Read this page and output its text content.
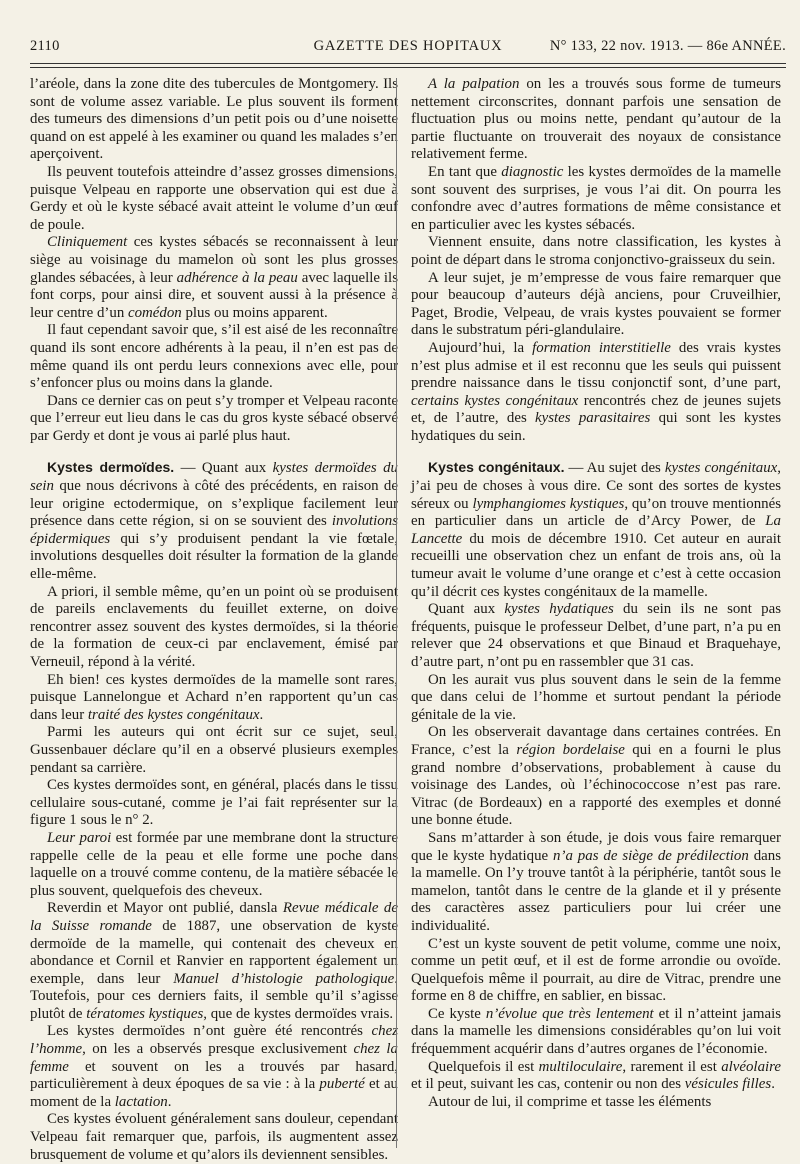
2110	GAZETTE DES HOPITAUX	N° 133, 22 nov. 1913. — 86e ANNÉE.

l’aréole, dans la zone dite des tubercules de Montgomery. Ils sont de volume assez variable. Le plus souvent ils forment des tumeurs des dimensions d’un petit pois ou d’une noisette quand on est appelé à les examiner ou quand les malades s’en aperçoivent.

Ils peuvent toutefois atteindre d’assez grosses dimensions, puisque Velpeau en rapporte une observation qui est due à Gerdy et où le kyste sébacé avait atteint le volume d’un œuf de poule.

Cliniquement ces kystes sébacés se reconnaissent à leur siège au voisinage du mamelon où sont les plus grosses glandes sébacées, à leur adhérence à la peau avec laquelle ils font corps, pour ainsi dire, et souvent aussi à la présence à leur centre d’un comédon plus ou moins apparent.

Il faut cependant savoir que, s’il est aisé de les reconnaître quand ils sont encore adhérents à la peau, il n’en est pas de même quand ils ont perdu leurs connexions avec elle, pour s’enfoncer plus ou moins dans la glande.

Dans ce dernier cas on peut s’y tromper et Velpeau raconte que l’erreur eut lieu dans le cas du gros kyste sébacé observé par Gerdy et dont je vous ai parlé plus haut.

Kystes dermoïdes. — Quant aux kystes dermoïdes du sein que nous décrivons à côté des précédents, en raison de leur origine ectodermique, on s’explique facilement leur présence dans cette région, si on se souvient des involutions épidermiques qui s’y produisent pendant la vie fœtale, involutions desquelles doit résulter la formation de la glande elle-même.

A priori, il semble même, qu’en un point où se produisent de pareils enclavements du feuillet externe, on doive rencontrer assez souvent des kystes dermoïdes, si la théorie de la formation de ceux-ci par enclavement, émisé par Verneuil, répond à la vérité.

Eh bien! ces kystes dermoïdes de la mamelle sont rares, puisque Lannelongue et Achard n’en rapportent qu’un cas dans leur traité des kystes congénitaux.

Parmi les auteurs qui ont écrit sur ce sujet, seul, Gussenbauer déclare qu’il en a observé plusieurs exemples pendant sa carrière.

Ces kystes dermoïdes sont, en général, placés dans le tissu cellulaire sous-cutané, comme je l’ai fait représenter sur la figure 1 sous le n° 2.

Leur paroi est formée par une membrane dont la structure rappelle celle de la peau et elle forme une poche dans laquelle on a trouvé comme contenu, de la matière sébacée le plus souvent, quelquefois des cheveux.

Reverdin et Mayor ont publié, dansla Revue médicale de la Suisse romande de 1887, une observation de kyste dermoïde de la mamelle, qui contenait des cheveux en abondance et Cornil et Ranvier en rapportent également un exemple, dans leur Manuel d’histologie pathologique. Toutefois, pour ces derniers faits, il semble qu’il s’agisse plutôt de tératomes kystiques, que de kystes dermoïdes vrais.

Les kystes dermoïdes n’ont guère été rencontrés chez l’homme, on les a observés presque exclusivement chez la femme et souvent on les a trouvés par hasard, particulièrement à deux époques de sa vie : à la puberté et au moment de la lactation.

Ces kystes évoluent généralement sans douleur, cependant Velpeau fait remarquer que, parfois, ils augmentent assez brusquement de volume et qu’alors ils deviennent sensibles.

A la palpation on les a trouvés sous forme de tumeurs nettement circonscrites, donnant parfois une sensation de fluctuation plus ou moins nette, pendant qu’autour de la partie fluctuante on trouverait des noyaux de consistance relativement ferme.

En tant que diagnostic les kystes dermoïdes de la mamelle sont souvent des surprises, je vous l’ai dit. On pourra les confondre avec d’autres formations de même consistance et en particulier avec les kystes sébacés.

Viennent ensuite, dans notre classification, les kystes à point de départ dans le stroma conjonctivo-graisseux du sein.

A leur sujet, je m’empresse de vous faire remarquer que pour beaucoup d’auteurs déjà anciens, pour Cruveilhier, Paget, Brodie, Velpeau, de vrais kystes pouvaient se former dans le substratum péri-glandulaire.

Aujourd’hui, la formation interstitielle des vrais kystes n’est plus admise et il est reconnu que les seuls qui puissent prendre naissance dans le tissu conjonctif sont, d’une part, certains kystes congénitaux rencontrés chez de jeunes sujets et, de l’autre, des kystes parasitaires qui sont les kystes hydatiques du sein.

Kystes congénitaux. — Au sujet des kystes congénitaux, j’ai peu de choses à vous dire. Ce sont des sortes de kystes séreux ou lymphangiomes kystiques, qu’on trouve mentionnés en particulier dans un article de d’Arcy Power, de La Lancette du mois de décembre 1910. Cet auteur en aurait recueilli une observation chez un enfant de trois ans, où la tumeur avait le volume d’une orange et c’est à cette occasion qu’il décrit ces kystes congénitaux de la mamelle.

Quant aux kystes hydatiques du sein ils ne sont pas fréquents, puisque le professeur Delbet, d’une part, n’a pu en relever que 24 observations et que Binaud et Braquehaye, d’autre part, n’ont pu en rassembler que 31 cas.

On les aurait vus plus souvent dans le sein de la femme que dans celui de l’homme et surtout pendant la période génitale de la vie.

On les observerait davantage dans certaines contrées. En France, c’est la région bordelaise qui en a fourni le plus grand nombre d’observations, probablement à cause du voisinage des Landes, où l’échinococcose n’est pas rare. Vitrac (de Bordeaux) en a rapporté des exemples et donné une bonne étude.

Sans m’attarder à son étude, je dois vous faire remarquer que le kyste hydatique n’a pas de siège de prédilection dans la mamelle. On l’y trouve tantôt à la périphérie, tantôt sous le mamelon, tantôt dans le centre de la glande et il y présente des caractères assez particuliers pour lui créer une individualité.

C’est un kyste souvent de petit volume, comme une noix, comme un petit œuf, et il est de forme arrondie ou ovoïde. Quelquefois même il pourrait, au dire de Vitrac, prendre une forme en 8 de chiffre, en sablier, en bissac.

Ce kyste n’évolue que très lentement et il n’atteint jamais dans la mamelle les dimensions considérables qu’on lui voit fréquemment acquérir dans d’autres organes de l’économie.

Quelquefois il est multiloculaire, rarement il est alvéolaire et il peut, suivant les cas, contenir ou non des vésicules filles.

Autour de lui, il comprime et tasse les éléments
